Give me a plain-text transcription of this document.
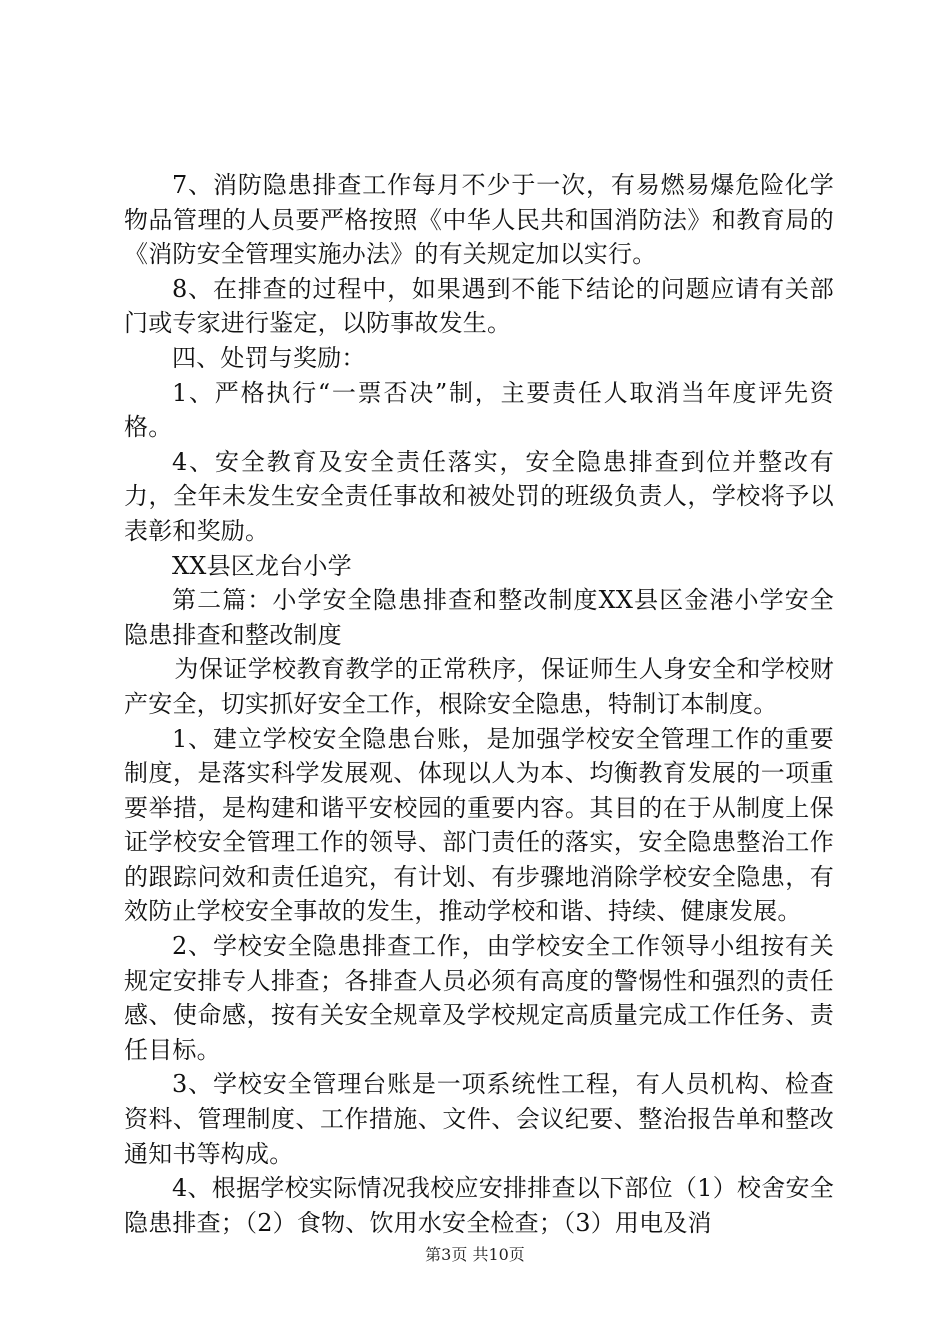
7、消防隐患排查工作每月不少于一次，有易燃易爆危险化学物品管理的人员要严格按照《中华人民共和国消防法》和教育局的《消防安全管理实施办法》的有关规定加以实行。

8、在排查的过程中，如果遇到不能下结论的问题应请有关部门或专家进行鉴定，以防事故发生。

四、处罚与奖励：

1、严格执行“一票否决”制，主要责任人取消当年度评先资格。

4、安全教育及安全责任落实，安全隐患排查到位并整改有力，全年未发生安全责任事故和被处罚的班级负责人，学校将予以表彰和奖励。

XX县区龙台小学

第二篇：小学安全隐患排查和整改制度XX县区金港小学安全隐患排查和整改制度

为保证学校教育教学的正常秩序，保证师生人身安全和学校财产安全，切实抓好安全工作，根除安全隐患，特制订本制度。

1、建立学校安全隐患台账，是加强学校安全管理工作的重要制度，是落实科学发展观、体现以人为本、均衡教育发展的一项重要举措，是构建和谐平安校园的重要内容。其目的在于从制度上保证学校安全管理工作的领导、部门责任的落实，安全隐患整治工作的跟踪问效和责任追究，有计划、有步骤地消除学校安全隐患，有效防止学校安全事故的发生，推动学校和谐、持续、健康发展。

2、学校安全隐患排查工作，由学校安全工作领导小组按有关规定安排专人排查；各排查人员必须有高度的警惕性和强烈的责任感、使命感，按有关安全规章及学校规定高质量完成工作任务、责任目标。

3、学校安全管理台账是一项系统性工程，有人员机构、检查资料、管理制度、工作措施、文件、会议纪要、整治报告单和整改通知书等构成。

4、根据学校实际情况我校应安排排查以下部位（1）校舍安全隐患排查；（2）食物、饮用水安全检查；（3）用电及消

第3页 共10页
